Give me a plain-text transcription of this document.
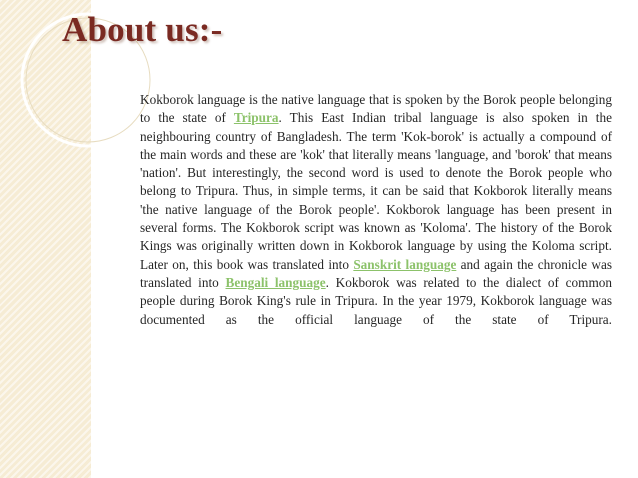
About us:-

Kokborok language is the native language that is spoken by the Borok people belonging to the state of Tripura. This East Indian tribal language is also spoken in the neighbouring country of Bangladesh. The term 'Kok-borok' is actually a compound of the main words and these are 'kok' that literally means 'language, and 'borok' that means 'nation'. But interestingly, the second word is used to denote the Borok people who belong to Tripura. Thus, in simple terms, it can be said that Kokborok literally means 'the native language of the Borok people'. Kokborok language has been present in several forms. The Kokborok script was known as 'Koloma'. The history of the Borok Kings was originally written down in Kokborok language by using the Koloma script. Later on, this book was translated into Sanskrit language and again the chronicle was translated into Bengali language. Kokborok was related to the dialect of common people during Borok King's rule in Tripura. In the year 1979, Kokborok language was documented as the official language of the state of Tripura.
